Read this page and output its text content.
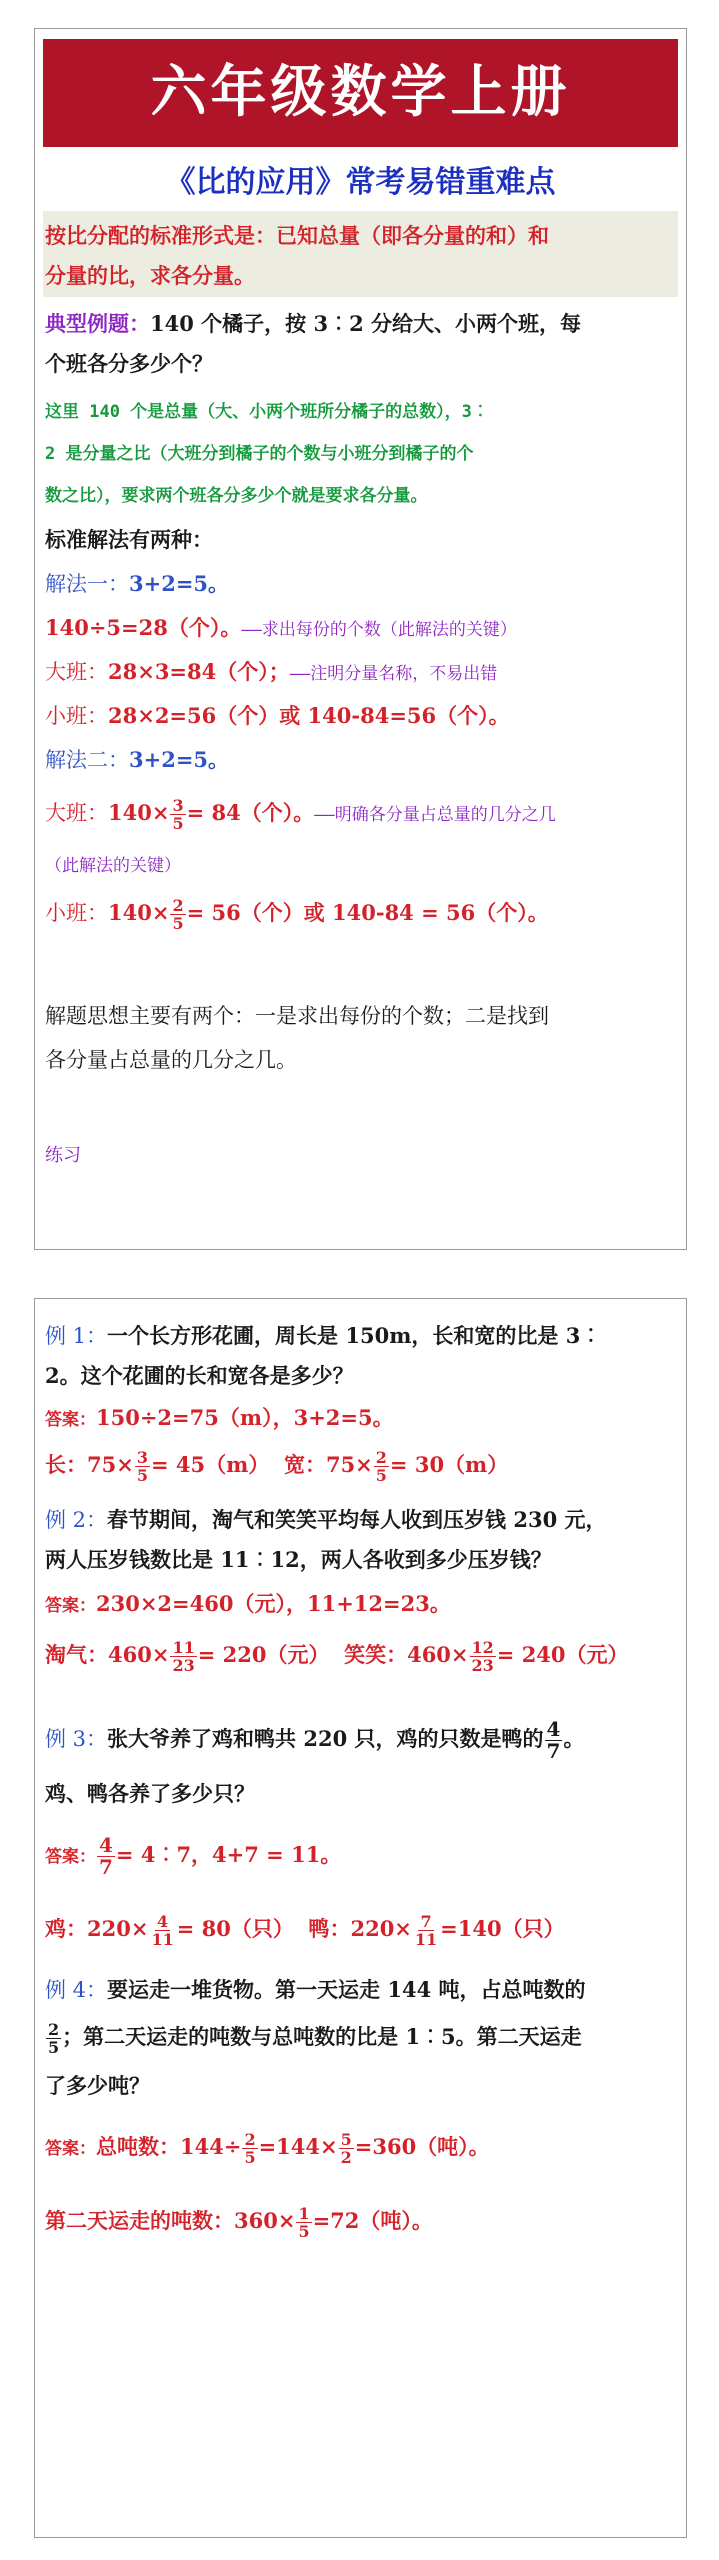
六年级数学上册
《比的应用》常考易错重难点
按比分配的标准形式是：已知总量（即各分量的和）和
分量的比，求各分量。
典型例题：140 个橘子，按 3︰2 分给大、小两个班，每
个班各分多少个？
这里 140 个是总量（大、小两个班所分橘子的总数），3︰
2 是分量之比（大班分到橘子的个数与小班分到橘子的个
数之比），要求两个班各分多少个就是要求各分量。
标准解法有两种：
解法一：3+2=5。
140÷5=28（个）。——求出每份的个数（此解法的关键）
大班：28×3=84（个）；——注明分量名称，不易出错
小班：28×2=56（个）或 140-84=56（个）。
解法二：3+2=5。
大班：$140\times \frac{3}{5} = 84$（个）。——明确各分量占总量的几分之几
（此解法的关键）
小班：$140\times \frac{2}{5} = 56$（个）或 140-84 = 56（个）。
解题思想主要有两个：一是求出每份的个数；二是找到
各分量占总量的几分之几。
练习
例 1：一个长方形花圃，周长是 150m，长和宽的比是 3︰
2。这个花圃的长和宽各是多少？
答案：150÷2=75（m），3+2=5。
长：$75\times \frac{3}{5} = 45(m)$ 宽：$75\times \frac{2}{5} = 30(m)$
例 2：春节期间，淘气和笑笑平均每人收到压岁钱 230 元，
两人压岁钱数比是 11︰12，两人各收到多少压岁钱？
答案：230×2=460（元），11+12=23。
淘气：$460\times \frac{11}{23} = 220$（元） 笑笑：$460\times \frac{12}{23} = 240$（元）
例 3：张大爷养了鸡和鸭共 220 只，鸡的只数是鸭的 $\frac{4}{7}$ 。
鸡、鸭各养了多少只？
答案： $\frac{4}{7}$ = 4︰7，4+7 = 11。
鸡：$220\times \frac{4}{11} = 80$（只） 鸭：$220\times \frac{7}{11} =140$（只）
例 4：要运走一堆货物。第一天运走 144 吨，占总吨数的
$\frac{2}{5}$ ；第二天运走的吨数与总吨数的比是 1︰5。第二天运走
了多少吨？
答案：总吨数：$144\div \frac{2}{5} =144\times \frac{5}{2} =360$（吨）。
第二天运走的吨数：$360\times \frac{1}{5} =72$（吨）。
